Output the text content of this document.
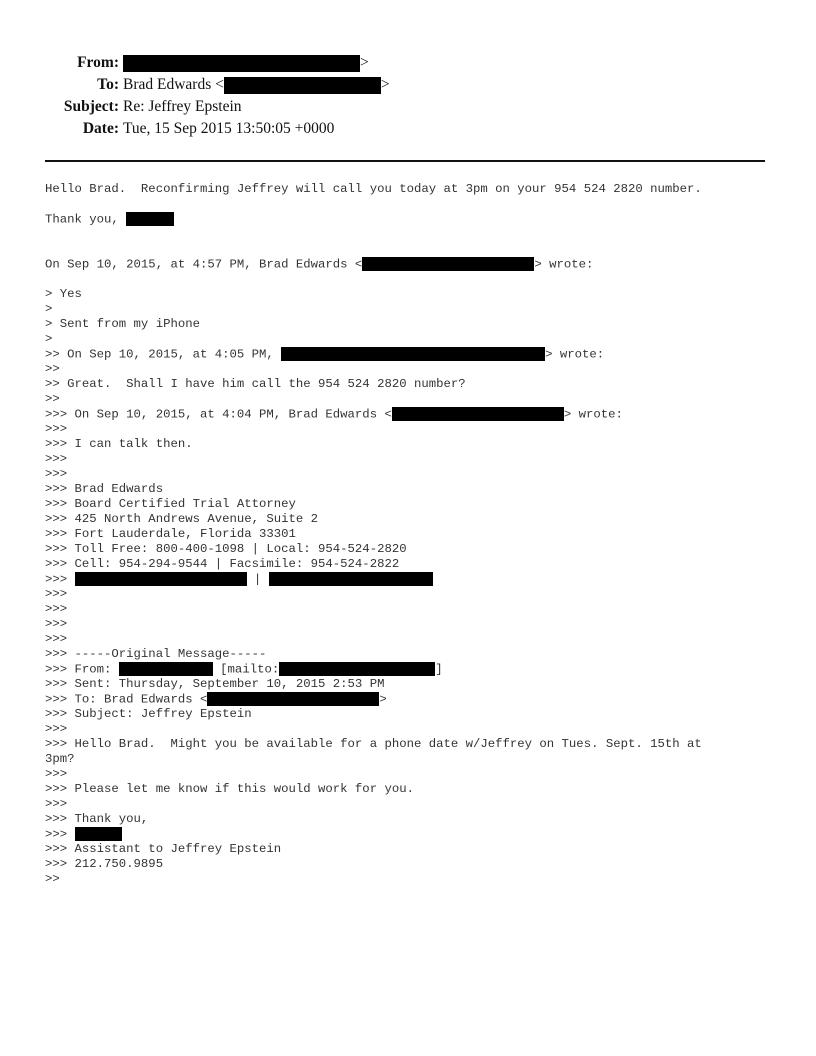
From:	>
To: Brad Edwards <	>
Subject: Re: Jeffrey Epstein
Date: Tue, 15 Sep 2015 13:50:05 +0000
Hello Brad.  Reconfirming Jeffrey will call you today at 3pm on your 954 524 2820 number.
Thank you,
On Sep 10, 2015, at 4:57 PM, Brad Edwards <	> wrote:
> Yes
>
> Sent from my iPhone
>
>> On Sep 10, 2015, at 4:05 PM,	> wrote:
>>
>> Great.  Shall I have him call the 954 524 2820 number?
>>
>>> On Sep 10, 2015, at 4:04 PM, Brad Edwards <	> wrote:
>>>
>>> I can talk then.
>>>
>>>
>>> Brad Edwards
>>> Board Certified Trial Attorney
>>> 425 North Andrews Avenue, Suite 2
>>> Fort Lauderdale, Florida 33301
>>> Toll Free: 800-400-1098 | Local: 954-524-2820
>>> Cell: 954-294-9544 | Facsimile: 954-524-2822
>>>	|
>>>
>>>
>>>
>>>
>>> -----Original Message-----
>>> From:	[mailto:	]
>>> Sent: Thursday, September 10, 2015 2:53 PM
>>> To: Brad Edwards <	>
>>> Subject: Jeffrey Epstein
>>>
>>> Hello Brad.  Might you be available for a phone date w/Jeffrey on Tues. Sept. 15th at
3pm?
>>>
>>> Please let me know if this would work for you.
>>>
>>> Thank you,
>>>
>>> Assistant to Jeffrey Epstein
>>> 212.750.9895
>>
